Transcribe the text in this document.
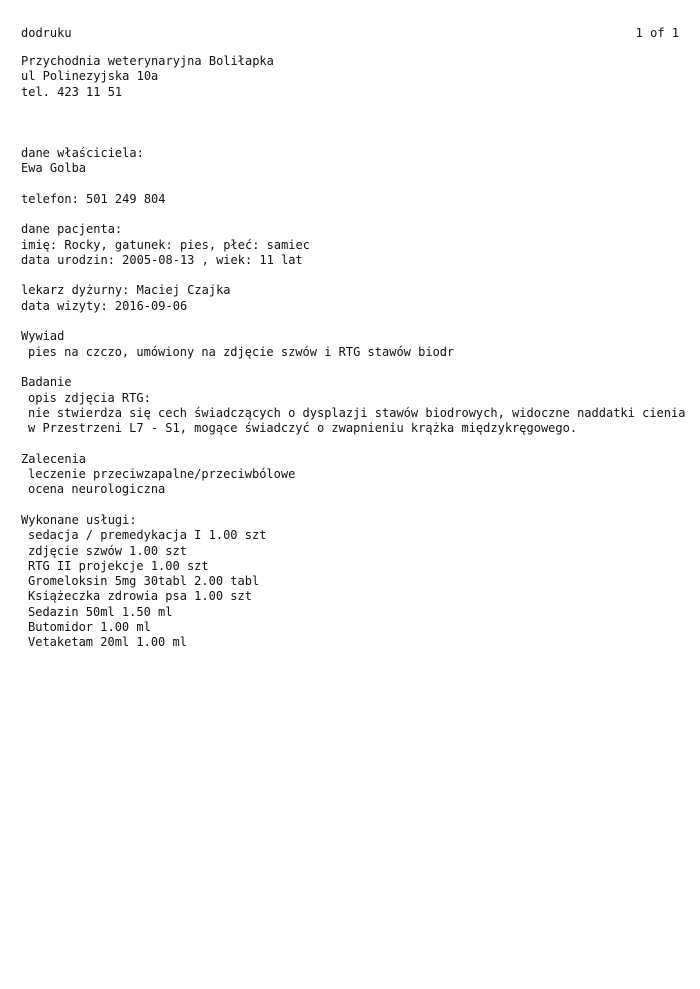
dodruku	1 of 1
Przychodnia weterynaryjna Boliłapka
ul Polinezyjska 10a
tel. 423 11 51
dane właściciela:
Ewa Golba
telefon: 501 249 804
dane pacjenta:
imię: Rocky, gatunek: pies, płeć: samiec
data urodzin: 2005-08-13 , wiek: 11 lat
lekarz dyżurny: Maciej Czajka
data wizyty: 2016-09-06
Wywiad
pies na czczo, umówiony na zdjęcie szwów i RTG stawów biodr
Badanie
opis zdjęcia RTG:
nie stwierdza się cech świadczących o dysplazji stawów biodrowych, widoczne naddatki cienia
w Przestrzeni L7 - S1, mogące świadczyć o zwapnieniu krążka międzykręgowego.
Zalecenia
leczenie przeciwzapalne/przeciwbólowe
ocena neurologiczna
Wykonane usługi:
sedacja / premedykacja I 1.00 szt
zdjęcie szwów 1.00 szt
RTG II projekcje 1.00 szt
Gromeloksin 5mg 30tabl 2.00 tabl
Książeczka zdrowia psa 1.00 szt
Sedazin 50ml 1.50 ml
Butomidor 1.00 ml
Vetaketam 20ml 1.00 ml
